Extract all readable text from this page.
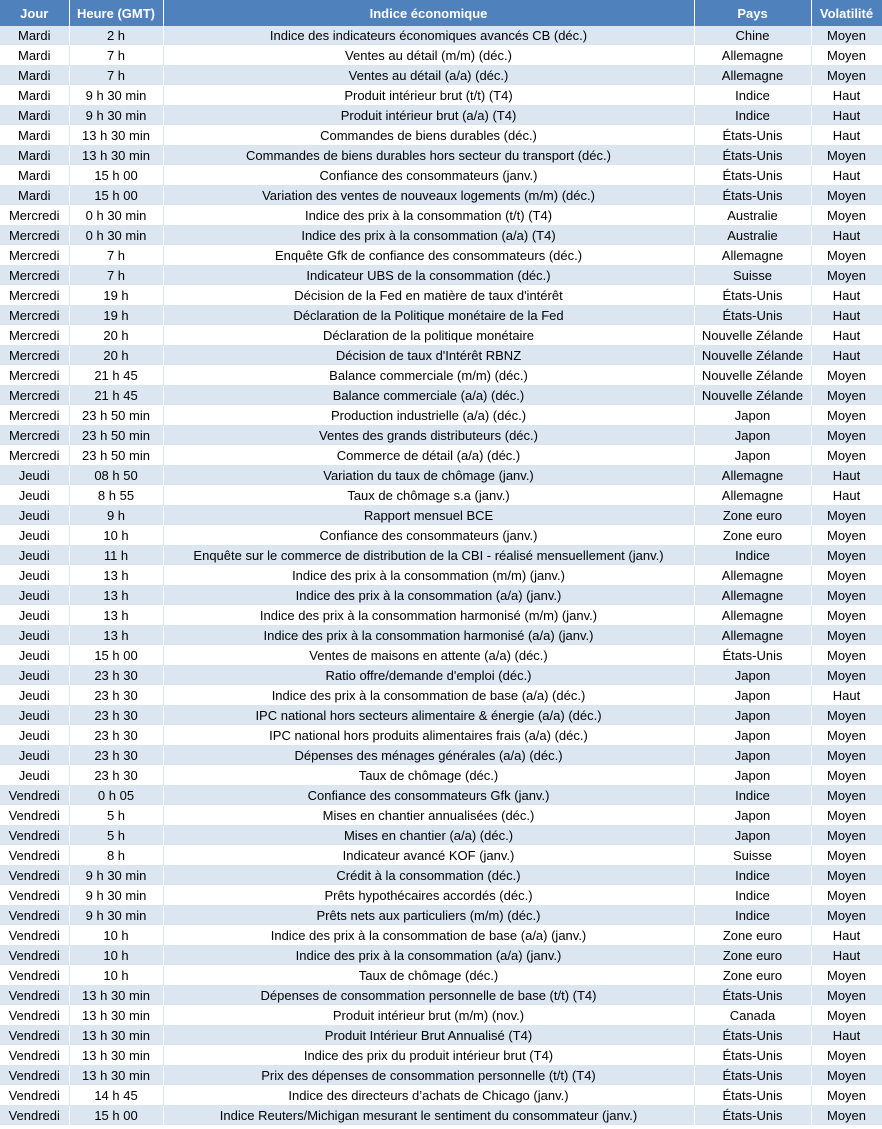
Jour	Heure (GMT)	Indice économique	Pays	Volatilité
Mardi	2 h	Indice des indicateurs économiques avancés CB (déc.)	Chine	Moyen
Mardi	7 h	Ventes au détail (m/m) (déc.)	Allemagne	Moyen
Mardi	7 h	Ventes au détail (a/a) (déc.)	Allemagne	Moyen
Mardi	9 h 30 min	Produit intérieur brut (t/t) (T4)	Indice	Haut
Mardi	9 h 30 min	Produit intérieur brut (a/a) (T4)	Indice	Haut
Mardi	13 h 30 min	Commandes de biens durables (déc.)	États-Unis	Haut
Mardi	13 h 30 min	Commandes de biens durables hors secteur du transport (déc.)	États-Unis	Moyen
Mardi	15 h 00	Confiance des consommateurs (janv.)	États-Unis	Haut
Mardi	15 h 00	Variation des ventes de nouveaux logements (m/m) (déc.)	États-Unis	Moyen
Mercredi	0 h 30 min	Indice des prix à la consommation (t/t) (T4)	Australie	Moyen
Mercredi	0 h 30 min	Indice des prix à la consommation (a/a) (T4)	Australie	Haut
Mercredi	7 h	Enquête Gfk de confiance des consommateurs (déc.)	Allemagne	Moyen
Mercredi	7 h	Indicateur UBS de la consommation (déc.)	Suisse	Moyen
Mercredi	19 h	Décision de la Fed en matière de taux d'intérêt	États-Unis	Haut
Mercredi	19 h	Déclaration de la Politique monétaire de la Fed	États-Unis	Haut
Mercredi	20 h	Déclaration de la politique monétaire	Nouvelle Zélande	Haut
Mercredi	20 h	Décision de taux d'Intérêt RBNZ	Nouvelle Zélande	Haut
Mercredi	21 h 45	Balance commerciale (m/m) (déc.)	Nouvelle Zélande	Moyen
Mercredi	21 h 45	Balance commerciale (a/a) (déc.)	Nouvelle Zélande	Moyen
Mercredi	23 h 50 min	Production industrielle (a/a) (déc.)	Japon	Moyen
Mercredi	23 h 50 min	Ventes des grands distributeurs (déc.)	Japon	Moyen
Mercredi	23 h 50 min	Commerce de détail (a/a) (déc.)	Japon	Moyen
Jeudi	08 h 50	Variation du taux de chômage (janv.)	Allemagne	Haut
Jeudi	8 h 55	Taux de chômage s.a (janv.)	Allemagne	Haut
Jeudi	9 h	Rapport mensuel BCE	Zone euro	Moyen
Jeudi	10 h	Confiance des consommateurs (janv.)	Zone euro	Moyen
Jeudi	11 h	Enquête sur le commerce de distribution de la CBI - réalisé mensuellement (janv.)	Indice	Moyen
Jeudi	13 h	Indice des prix à la consommation (m/m) (janv.)	Allemagne	Moyen
Jeudi	13 h	Indice des prix à la consommation (a/a) (janv.)	Allemagne	Moyen
Jeudi	13 h	Indice des prix à la consommation harmonisé (m/m) (janv.)	Allemagne	Moyen
Jeudi	13 h	Indice des prix à la consommation harmonisé (a/a) (janv.)	Allemagne	Moyen
Jeudi	15 h 00	Ventes de maisons en attente (a/a) (déc.)	États-Unis	Moyen
Jeudi	23 h 30	Ratio offre/demande d'emploi (déc.)	Japon	Moyen
Jeudi	23 h 30	Indice des prix à la consommation de base (a/a) (déc.)	Japon	Haut
Jeudi	23 h 30	IPC national hors secteurs alimentaire & énergie (a/a) (déc.)	Japon	Moyen
Jeudi	23 h 30	IPC national hors produits alimentaires frais (a/a) (déc.)	Japon	Moyen
Jeudi	23 h 30	Dépenses des ménages générales (a/a) (déc.)	Japon	Moyen
Jeudi	23 h 30	Taux de chômage (déc.)	Japon	Moyen
Vendredi	0 h 05	Confiance des consommateurs Gfk (janv.)	Indice	Moyen
Vendredi	5 h	Mises en chantier annualisées (déc.)	Japon	Moyen
Vendredi	5 h	Mises en chantier (a/a) (déc.)	Japon	Moyen
Vendredi	8 h	Indicateur avancé KOF (janv.)	Suisse	Moyen
Vendredi	9 h 30 min	Crédit à la consommation (déc.)	Indice	Moyen
Vendredi	9 h 30 min	Prêts hypothécaires accordés (déc.)	Indice	Moyen
Vendredi	9 h 30 min	Prêts nets aux particuliers (m/m) (déc.)	Indice	Moyen
Vendredi	10 h	Indice des prix à la consommation de base (a/a) (janv.)	Zone euro	Haut
Vendredi	10 h	Indice des prix à la consommation (a/a) (janv.)	Zone euro	Haut
Vendredi	10 h	Taux de chômage (déc.)	Zone euro	Moyen
Vendredi	13 h 30 min	Dépenses de consommation personnelle de base (t/t) (T4)	États-Unis	Moyen
Vendredi	13 h 30 min	Produit intérieur brut (m/m) (nov.)	Canada	Moyen
Vendredi	13 h 30 min	Produit Intérieur Brut Annualisé (T4)	États-Unis	Haut
Vendredi	13 h 30 min	Indice des prix du produit intérieur brut (T4)	États-Unis	Moyen
Vendredi	13 h 30 min	Prix des dépenses de consommation personnelle (t/t) (T4)	États-Unis	Moyen
Vendredi	14 h 45	Indice des directeurs d’achats de Chicago (janv.)	États-Unis	Moyen
Vendredi	15 h 00	Indice Reuters/Michigan mesurant le sentiment du consommateur (janv.)	États-Unis	Moyen
